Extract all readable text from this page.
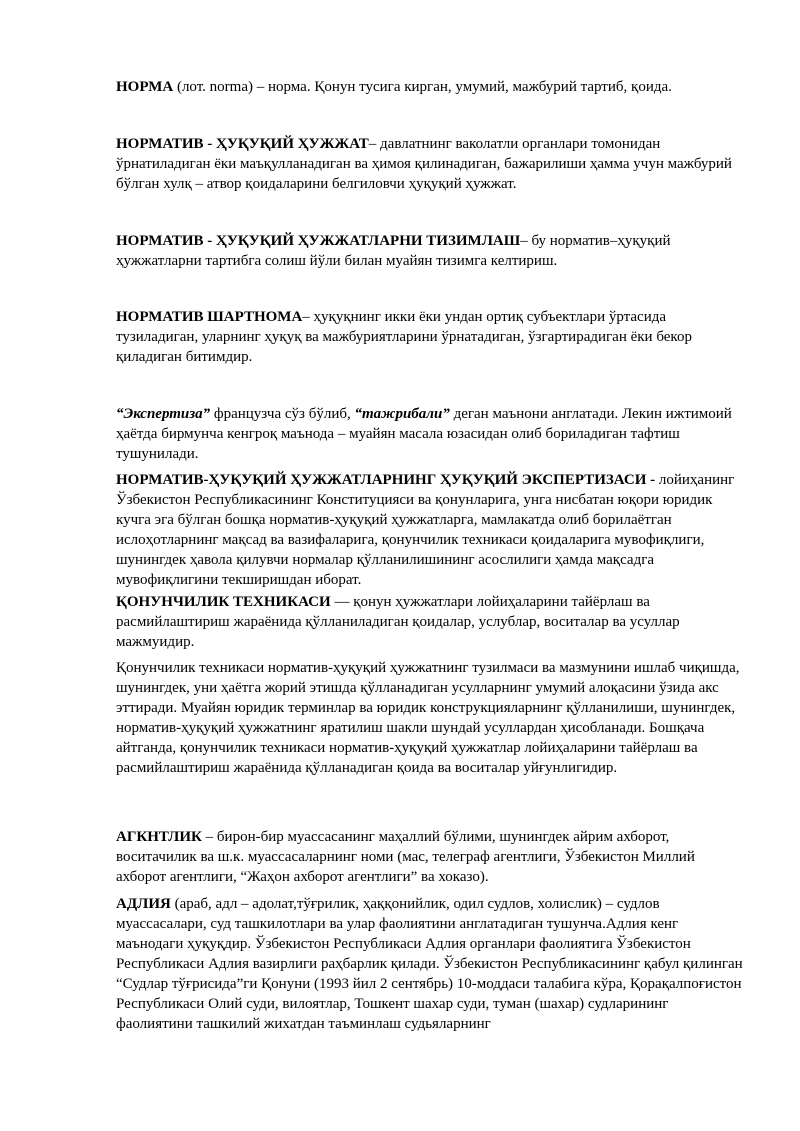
НОРМА (лот. norma) – норма. Қонун тусига кирган, умумий, мажбурий тартиб, қоида.

НОРМАТИВ - ҲУҚУҚИЙ ҲУЖЖАТ– давлатнинг ваколатли органлари томонидан ўрнатиладиган ёки маъқулланадиган ва ҳимоя қилинадиган, бажарилиши ҳамма учун мажбурий бўлган хулқ – атвор қоидаларини белгиловчи ҳуқуқий ҳужжат.

НОРМАТИВ - ҲУҚУҚИЙ ҲУЖЖАТЛАРНИ ТИЗИМЛАШ– бу норматив–ҳуқуқий ҳужжатларни тартибга солиш йўли билан муайян тизимга келтириш.

НОРМАТИВ ШАРТНОМА– ҳуқуқнинг икки ёки ундан ортиқ субъектлари ўртасида тузиладиган, уларнинг ҳуқуқ ва мажбуриятларини ўрнатадиган, ўзгартирадиган ёки бекор қиладиган битимдир.

“Экспертиза” французча сўз бўлиб, “тажрибали” деган маънони англатади. Лекин ижтимоий ҳаётда бирмунча кенгроқ маънода – муайян масала юзасидан олиб бориладиган тафтиш тушунилади.

НОРМАТИВ-ҲУҚУҚИЙ ҲУЖЖАТЛАРНИНГ ҲУҚУҚИЙ ЭКСПЕРТИЗАСИ - лойиҳанинг Ўзбекистон Республикасининг Конституцияси ва қонунларига, унга нисбатан юқори юридик кучга эга бўлган бошқа норматив-ҳуқуқий ҳужжатларга, мамлакатда олиб борилаётган ислоҳотларнинг мақсад ва вазифаларига, қонунчилик техникаси қоидаларига мувофиқлиги, шунингдек ҳавола қилувчи нормалар қўлланилишининг асослилиги ҳамда мақсадга мувофиқлигини текширишдан иборат.

ҚОНУНЧИЛИК ТЕХНИКАСИ — қонун ҳужжатлари лойиҳаларини тайёрлаш ва расмийлаштириш жараёнида қўлланиладиган қоидалар, услублар, воситалар ва усуллар мажмуидир.

Қонунчилик техникаси норматив-ҳуқуқий ҳужжатнинг тузилмаси ва мазмунини ишлаб чиқишда, шунингдек, уни ҳаётга жорий этишда қўлланадиган усулларнинг умумий алоқасини ўзида акс эттиради. Муайян юридик терминлар ва юридик конструкцияларнинг қўлланилиши, шунингдек, норматив-ҳуқуқий ҳужжатнинг яратилиш шакли шундай усуллардан ҳисобланади. Бошқача айтганда, қонунчилик техникаси норматив-ҳуқуқий ҳужжатлар лойиҳаларини тайёрлаш ва расмийлаштириш жараёнида қўлланадиган қоида ва воситалар уйғунлигидир.

АГКНТЛИК – бирон-бир муассасанинг маҳаллий бўлими, шунингдек айрим ахборот, воситачилик ва ш.к. муассасаларнинг номи (мас, телеграф агентлиги, Ўзбекистон Миллий ахборот агентлиги, “Жаҳон ахборот агентлиги” ва хоказо).

АДЛИЯ (араб, адл – адолат,тўғрилик, ҳаққонийлик, одил судлов, холислик) – судлов муассасалари, суд ташкилотлари ва улар фаолиятини англатадиган тушунча.Адлия кенг маънодаги ҳуқуқдир. Ўзбекистон Республикаси Адлия органлари фаолиятига Ўзбекистон Республикаси Адлия вазирлиги раҳбарлик қилади. Ўзбекистон Республикасининг қабул қилинган “Судлар тўғрисида”ги Қонуни (1993 йил 2 сентябрь) 10-моддаси талабига кўра, Қорақалпоғистон Республикаси Олий суди, вилоятлар, Тошкент шахар суди, туман (шахар) судларининг фаолиятини ташкилий жихатдан таъминлаш судьяларнинг
